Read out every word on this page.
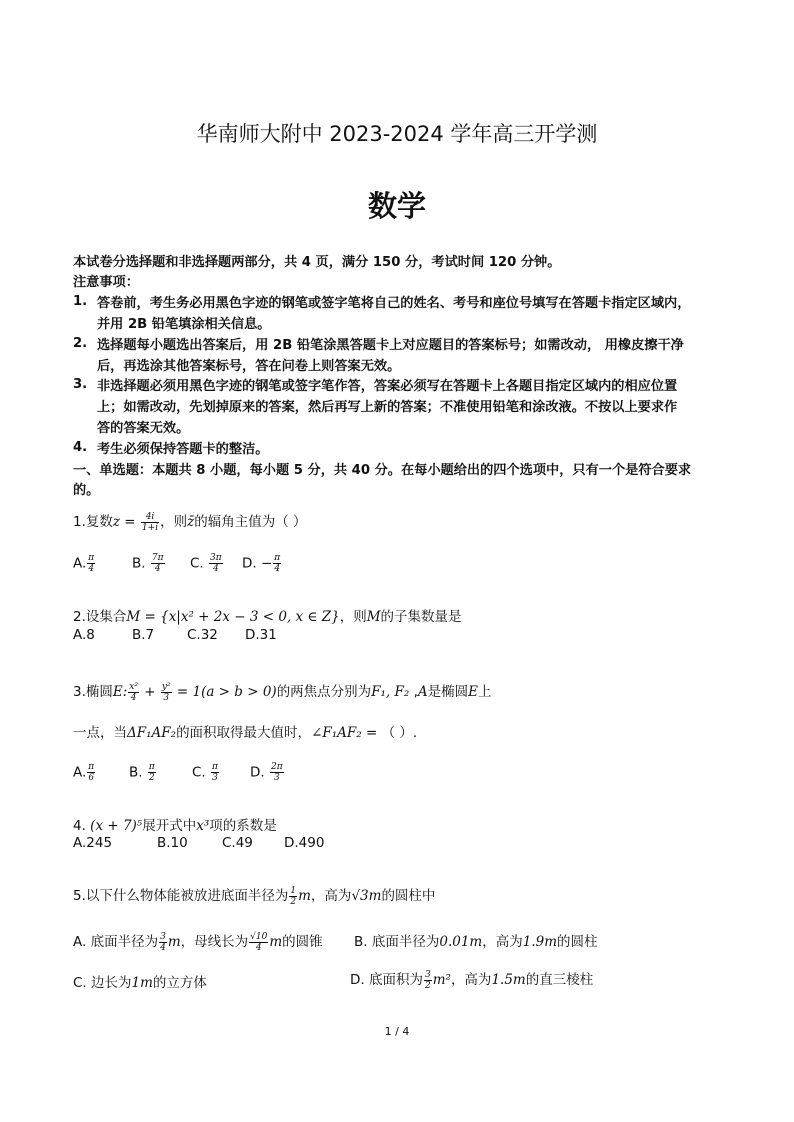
华南师大附中 2023-2024 学年高三开学测
数学
本试卷分选择题和非选择题两部分，共 4 页，满分 150 分，考试时间 120 分钟。
注意事项：
1. 答卷前，考生务必用黑色字迹的钢笔或签字笔将自己的姓名、考号和座位号填写在答题卡指定区域内，
并用 2B 铅笔填涂相关信息。
2. 选择题每小题选出答案后，用 2B 铅笔涂黑答题卡上对应题目的答案标号；如需改动， 用橡皮擦干净
后，再选涂其他答案标号，答在问卷上则答案无效。
3. 非选择题必须用黑色字迹的钢笔或签字笔作答，答案必须写在答题卡上各题目指定区域内的相应位置
上；如需改动，先划掉原来的答案，然后再写上新的答案；不准使用铅笔和涂改液。不按以上要求作
答的答案无效。
4. 考生必须保持答题卡的整洁。
一、单选题：本题共 8 小题，每小题 5 分，共 40 分。在每小题给出的四个选项中，只有一个是符合要求
的。
1.复数$z = \frac{4i}{1+i}$ ，则z̄的辐角主值为（ ）
A. $\frac{\pi}{4}$	B. $\frac{7\pi}{4} C$. $\frac{3\pi}{4} D$. − $\frac{\pi}{4}$
2.设集合M = {x|x² + 2x − 3 < 0, x ∈ Z}，则M的子集数量是
A.8	B.7 C.32 D.31
3.椭圆E: $\frac{\text{x²}}{4} + \frac{\text{y²}}{3} = 1(a > b > 0)$的两焦点分别为F₁, F₂ ,A是椭圆E上
一点，当ΔF₁AF₂的面积取得最大值时，∠F₁AF₂ = （ ）.
A. $\frac{\pi}{6}$	B. $\frac{\pi}{2}$	C. $\frac{\pi}{3} D$. $\frac{2\pi}{3}$
4. (x + 7)⁵展开式中x³项的系数是
A.245	B.10	C.49 D.490
5.以下什么物体能被放进底面半径为 $\frac{1}{2}$ m，高为√3m的圆柱中
A. 底面半径为 $\frac{3}{4}$ m，母线长为 $\frac{√10}{4}$ m的圆锥 B. 底面半径为0.01m，高为1.9m的圆柱
C. 边长为1m的立方体	D. 底面积为 $\frac{3}{2} m^2$，高为1.5m的直三棱柱
1 / 4
